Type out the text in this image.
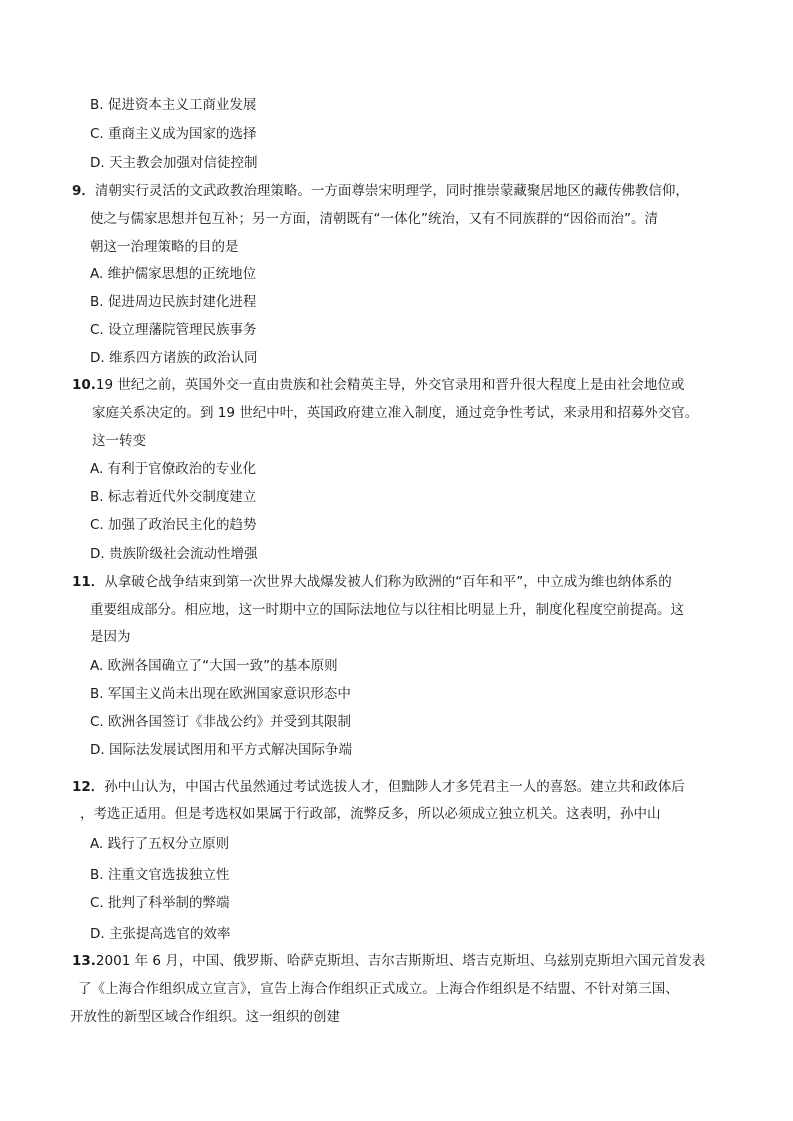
B. 促进资本主义工商业发展
C. 重商主义成为国家的选择
D. 天主教会加强对信徒控制
9．清朝实行灵活的文武政教治理策略。一方面尊崇宋明理学，同时推崇蒙藏聚居地区的藏传佛教信仰，
使之与儒家思想并包互补；另一方面，清朝既有“一体化”统治，又有不同族群的“因俗而治”。清
朝这一治理策略的目的是
A. 维护儒家思想的正统地位
B. 促进周边民族封建化进程
C. 设立理藩院管理民族事务
D. 维系四方诸族的政治认同
10.19 世纪之前，英国外交一直由贵族和社会精英主导，外交官录用和晋升很大程度上是由社会地位或
家庭关系决定的。到 19 世纪中叶，英国政府建立准入制度，通过竞争性考试，来录用和招募外交官。
这一转变
A. 有利于官僚政治的专业化
B. 标志着近代外交制度建立
C. 加强了政治民主化的趋势
D. 贵族阶级社会流动性增强
11．从拿破仑战争结束到第一次世界大战爆发被人们称为欧洲的“百年和平”，中立成为维也纳体系的
重要组成部分。相应地，这一时期中立的国际法地位与以往相比明显上升，制度化程度空前提高。这
是因为
A. 欧洲各国确立了“大国一致”的基本原则
B. 军国主义尚未出现在欧洲国家意识形态中
C. 欧洲各国签订《非战公约》并受到其限制
D. 国际法发展试图用和平方式解决国际争端
12．孙中山认为，中国古代虽然通过考试选拔人才，但黜陟人才多凭君主一人的喜怒。建立共和政体后
，考选正适用。但是考选权如果属于行政部，流弊反多，所以必须成立独立机关。这表明，孙中山
A. 践行了五权分立原则
B. 注重文官选拔独立性
C. 批判了科举制的弊端
D. 主张提高选官的效率
13.2001 年 6 月，中国、俄罗斯、哈萨克斯坦、吉尔吉斯斯坦、塔吉克斯坦、乌兹别克斯坦六国元首发表
了《上海合作组织成立宣言》，宣告上海合作组织正式成立。上海合作组织是不结盟、不针对第三国、
开放性的新型区域合作组织。这一组织的创建
